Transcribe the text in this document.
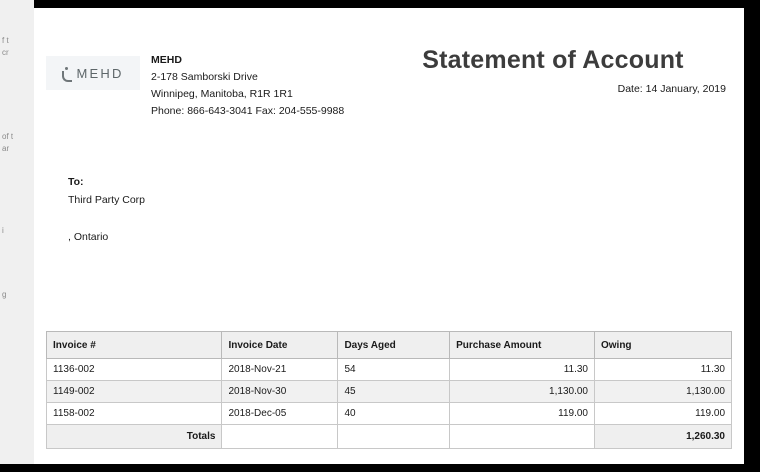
f t
cr
of t
ar
i
g
MEHD
MEHD
2-178 Samborski Drive
Winnipeg, Manitoba, R1R 1R1
Phone: 866-643-3041 Fax: 204-555-9988
Statement of Account
Date: 14 January, 2019
To:
Third Party Corp
, Ontario
Invoice #	Invoice Date	Days Aged	Purchase Amount	Owing
1136-002	2018-Nov-21	54	11.30	11.30
1149-002	2018-Nov-30	45	1,130.00	1,130.00
1158-002	2018-Dec-05	40	119.00	119.00
Totals				1,260.30
